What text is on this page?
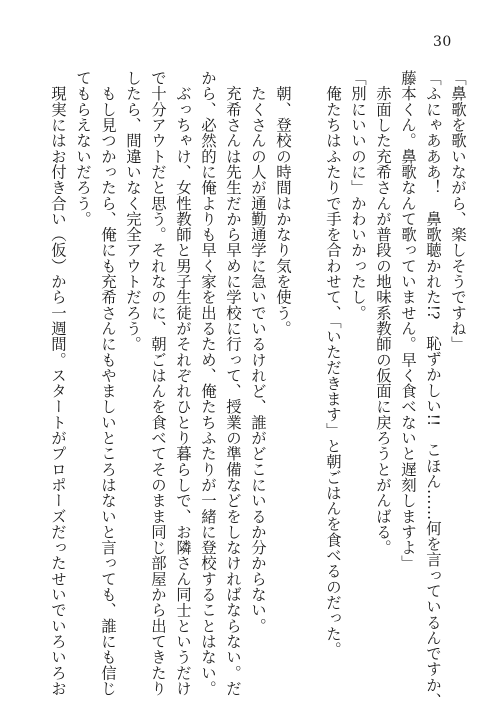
30
「鼻歌を歌いながら、楽しそうですね」
「ふにゃあああ！　鼻歌聴かれた!?　恥ずかしい!!　こほん……何を言っているんですか、
藤本くん。鼻歌なんて歌っていません。早く食べないと遅刻しますよ」
　赤面した充希さんが普段の地味系教師の仮面に戻ろうとがんばる。
「別にいいのに」かわいかったし。
　俺たちはふたりで手を合わせて、「いただきます」と朝ごはんを食べるのだった。
　朝、登校の時間はかなり気を使う。
　たくさんの人が通勤通学に急いでいるけれど、誰がどこにいるか分からない。
　充希さんは先生だから早めに学校に行って、授業の準備などをしなければならない。だ
から、必然的に俺よりも早く家を出るため、俺たちふたりが一緒に登校することはない。
　ぶっちゃけ、女性教師と男子生徒がそれぞれひとり暮らしで、お隣さん同士というだけ
で十分アウトだと思う。それなのに、朝ごはんを食べてそのまま同じ部屋から出てきたり
したら、間違いなく完全アウトだろう。
　もし見つかったら、俺にも充希さんにもやましいところはないと言っても、誰にも信じ
てもらえないだろう。
　現実にはお付き合い（仮）から一週間。スタートがプロポーズだったせいでいろいろお
